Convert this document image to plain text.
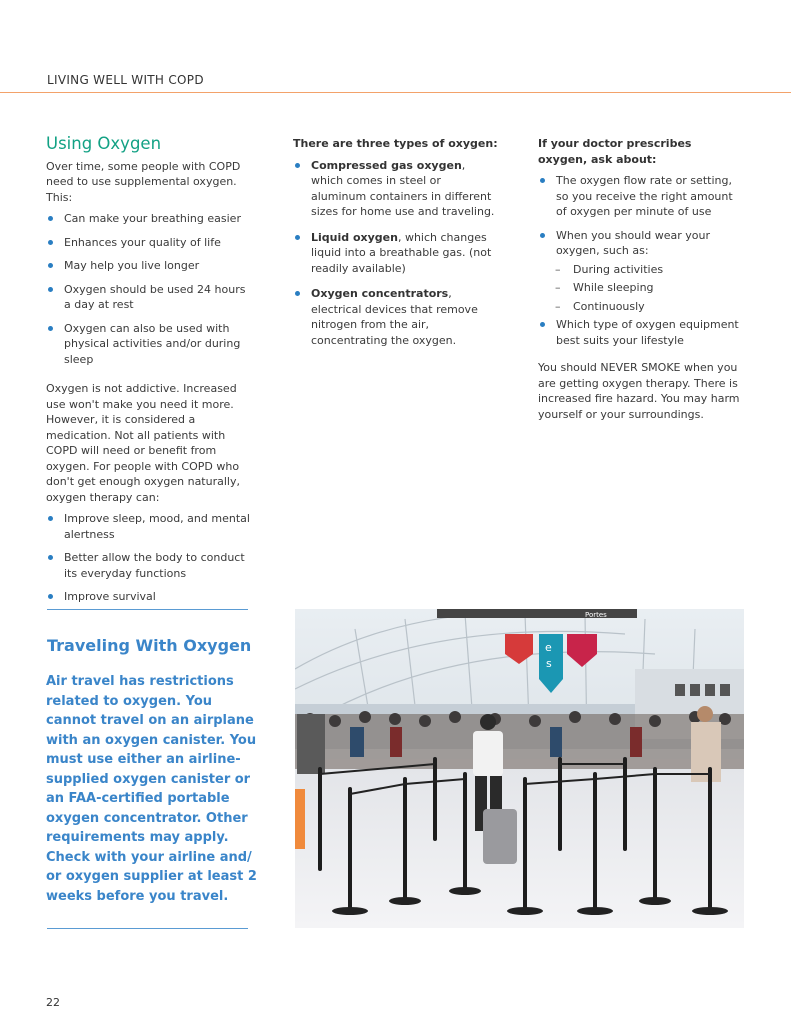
LIVING WELL WITH COPD
Using Oxygen

Over time, some people with COPD need to use supplemental oxygen. This:

Can make your breathing easier
Enhances your quality of life
May help you live longer
Oxygen should be used 24 hours a day at rest
Oxygen can also be used with physical activities and/or during sleep

Oxygen is not addictive. Increased use won't make you need it more. However, it is considered a medication. Not all patients with COPD will need or benefit from oxygen. For people with COPD who don't get enough oxygen naturally, oxygen therapy can:

Improve sleep, mood, and mental alertness
Better allow the body to conduct its everyday functions
Improve survival

There are three types of oxygen:

Compressed gas oxygen, which comes in steel or aluminum containers in different sizes for home use and traveling.
Liquid oxygen, which changes liquid into a breathable gas. (not readily available)
Oxygen concentrators, electrical devices that remove nitrogen from the air, concentrating the oxygen.

If your doctor prescribes oxygen, ask about:

The oxygen flow rate or setting, so you receive the right amount of oxygen per minute of use
When you should wear your oxygen, such as:
– During activities
– While sleeping
– Continuously
Which type of oxygen equipment best suits your lifestyle

You should NEVER SMOKE when you are getting oxygen therapy. There is increased fire hazard. You may harm yourself or your surroundings.

Traveling With Oxygen
Air travel has restrictions related to oxygen. You cannot travel on an airplane with an oxygen canister. You must use either an airline-supplied oxygen canister or an FAA-certified portable oxygen concentrator. Other requirements may apply. Check with your airline and/ or oxygen supplier at least 2 weeks before you travel.
Portes
e
s
22
